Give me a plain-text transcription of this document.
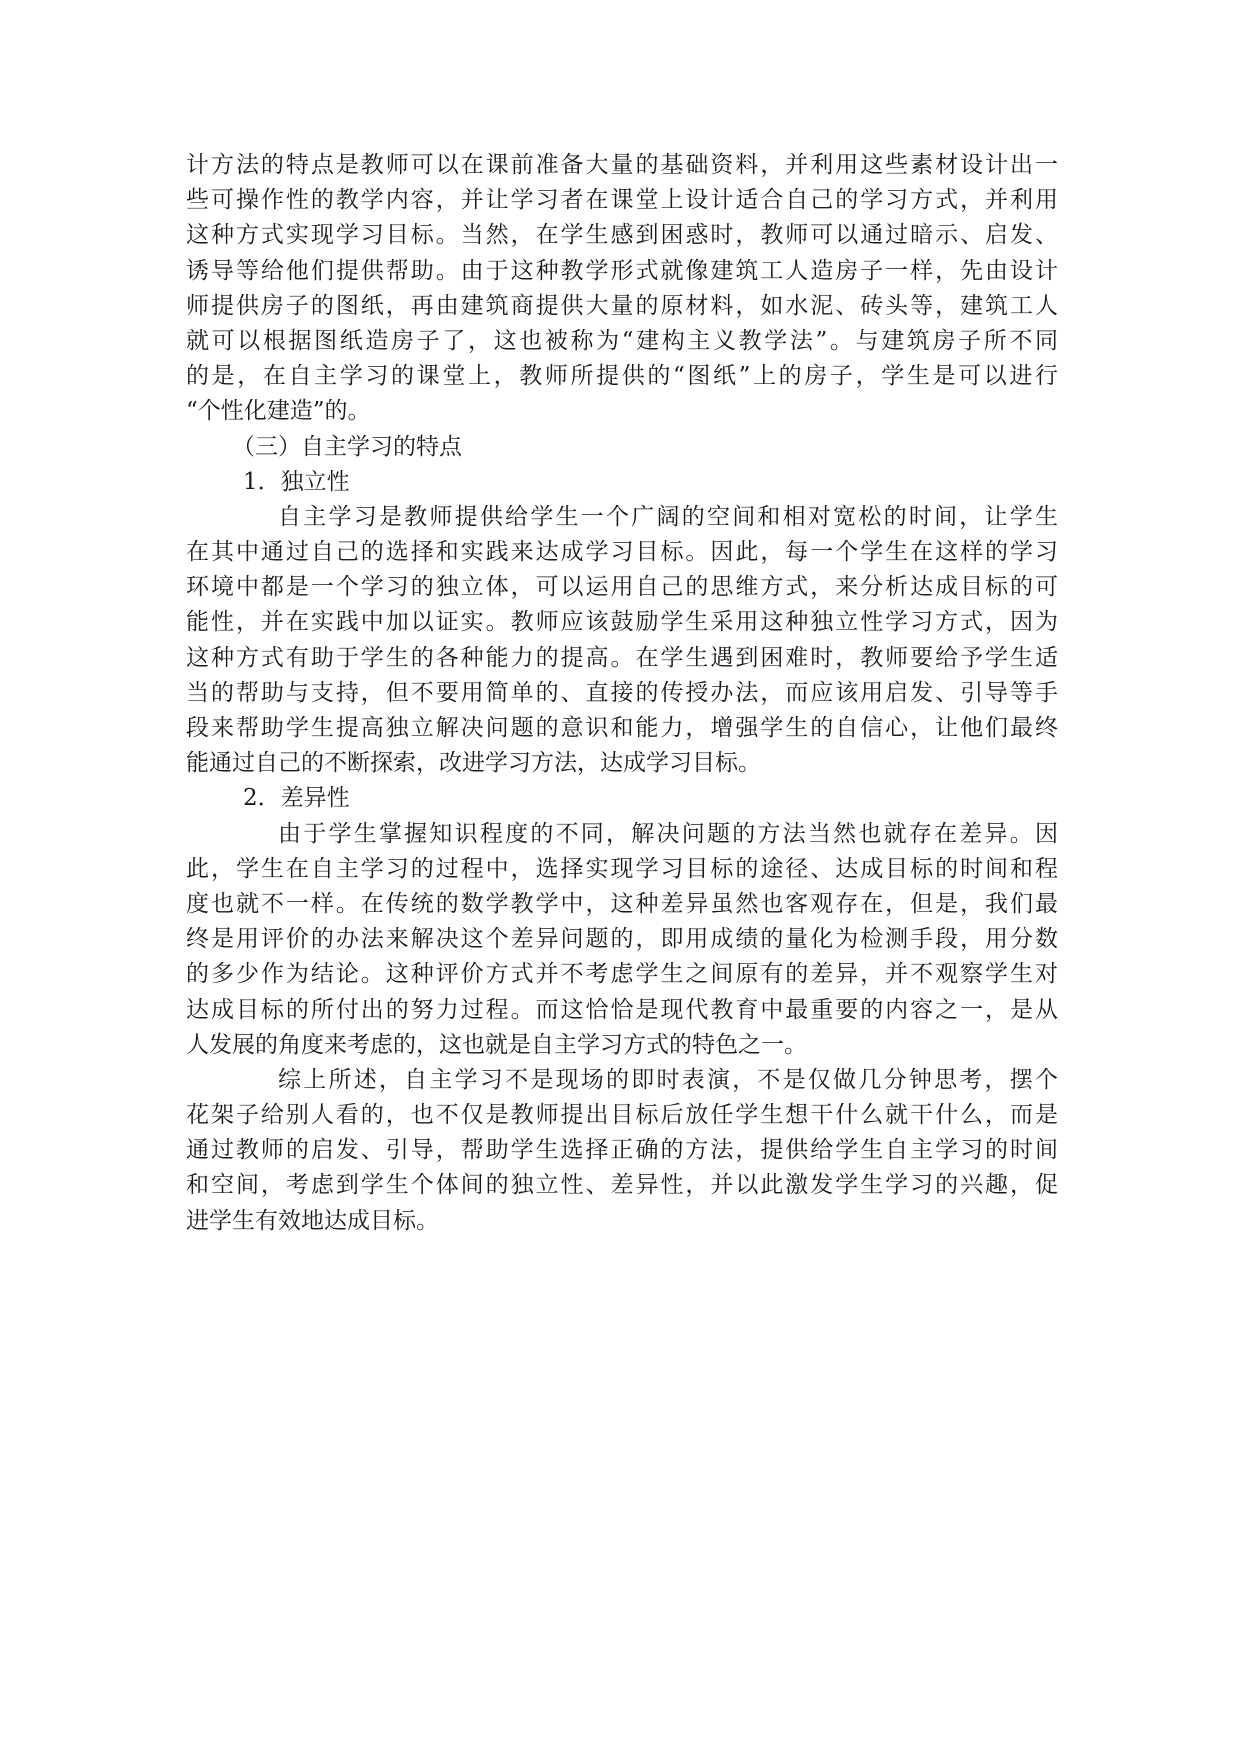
计方法的特点是教师可以在课前准备大量的基础资料，并利用这些素材设计出一
些可操作性的教学内容，并让学习者在课堂上设计适合自己的学习方式，并利用
这种方式实现学习目标。当然，在学生感到困惑时，教师可以通过暗示、启发、
诱导等给他们提供帮助。由于这种教学形式就像建筑工人造房子一样，先由设计
师提供房子的图纸，再由建筑商提供大量的原材料，如水泥、砖头等，建筑工人
就可以根据图纸造房子了，这也被称为“建构主义教学法”。与建筑房子所不同
的是，在自主学习的课堂上，教师所提供的“图纸”上的房子，学生是可以进行
“个性化建造”的。
（三）自主学习的特点
1．独立性
自主学习是教师提供给学生一个广阔的空间和相对宽松的时间，让学生
在其中通过自己的选择和实践来达成学习目标。因此，每一个学生在这样的学习
环境中都是一个学习的独立体，可以运用自己的思维方式，来分析达成目标的可
能性，并在实践中加以证实。教师应该鼓励学生采用这种独立性学习方式，因为
这种方式有助于学生的各种能力的提高。在学生遇到困难时，教师要给予学生适
当的帮助与支持，但不要用简单的、直接的传授办法，而应该用启发、引导等手
段来帮助学生提高独立解决问题的意识和能力，增强学生的自信心，让他们最终
能通过自己的不断探索，改进学习方法，达成学习目标。
2．差异性
由于学生掌握知识程度的不同，解决问题的方法当然也就存在差异。因
此，学生在自主学习的过程中，选择实现学习目标的途径、达成目标的时间和程
度也就不一样。在传统的数学教学中，这种差异虽然也客观存在，但是，我们最
终是用评价的办法来解决这个差异问题的，即用成绩的量化为检测手段，用分数
的多少作为结论。这种评价方式并不考虑学生之间原有的差异，并不观察学生对
达成目标的所付出的努力过程。而这恰恰是现代教育中最重要的内容之一，是从
人发展的角度来考虑的，这也就是自主学习方式的特色之一。
综上所述，自主学习不是现场的即时表演，不是仅做几分钟思考，摆个
花架子给别人看的，也不仅是教师提出目标后放任学生想干什么就干什么，而是
通过教师的启发、引导，帮助学生选择正确的方法，提供给学生自主学习的时间
和空间，考虑到学生个体间的独立性、差异性，并以此激发学生学习的兴趣，促
进学生有效地达成目标。
